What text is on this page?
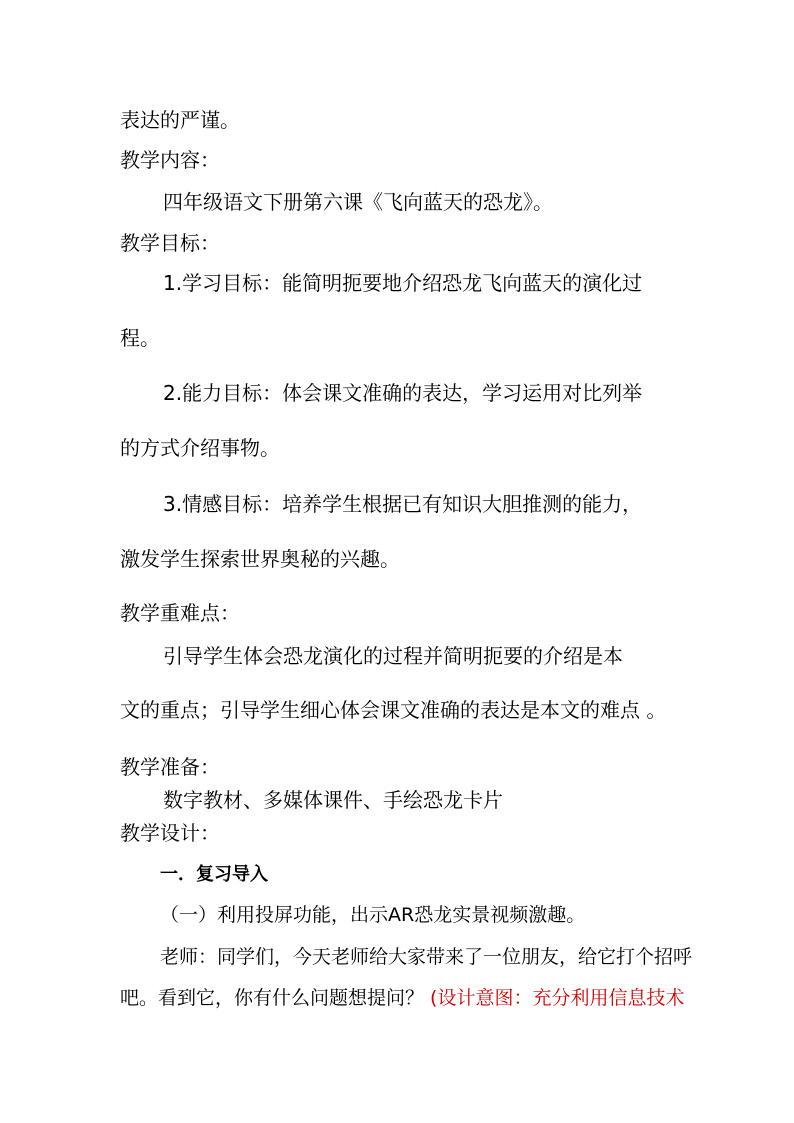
表达的严谨。
教学内容：
四年级语文下册第六课《飞向蓝天的恐龙》。
教学目标：
1.学习目标：能简明扼要地介绍恐龙飞向蓝天的演化过
程。
2.能力目标：体会课文准确的表达，学习运用对比列举
的方式介绍事物。
3.情感目标：培养学生根据已有知识大胆推测的能力，
激发学生探索世界奥秘的兴趣。
教学重难点：
引导学生体会恐龙演化的过程并简明扼要的介绍是本
文的重点；引导学生细心体会课文准确的表达是本文的难点 。
教学准备：
数字教材、多媒体课件、手绘恐龙卡片
教学设计：
一．复习导入
（一）利用投屏功能，出示AR恐龙实景视频激趣。
老师：同学们，今天老师给大家带来了一位朋友，给它打个招呼
吧。看到它，你有什么问题想提问？ (设计意图：充分利用信息技术
